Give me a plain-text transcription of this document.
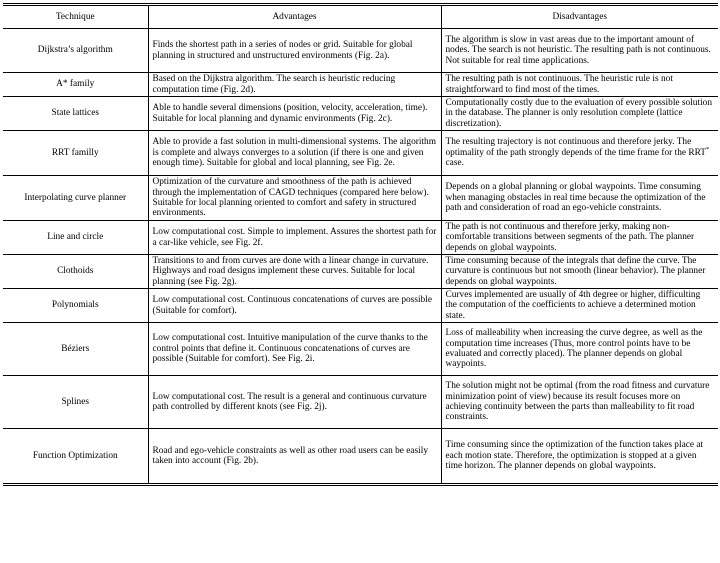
Technique	Advantages	Disadvantages
Dijkstra’s algorithm	Finds the shortest path in a series of nodes or grid. Suitable for global planning in structured and unstructured environments (Fig. 2a).	The algorithm is slow in vast areas due to the important amount of nodes. The search is not heuristic. The resulting path is not continuous. Not suitable for real time applications.
A* family	Based on the Dijkstra algorithm. The search is heuristic reducing computation time (Fig. 2d).	The resulting path is not continuous. The heuristic rule is not straightforward to find most of the times.
State lattices	Able to handle several dimensions (position, velocity, acceleration, time). Suitable for local planning and dynamic environments (Fig. 2c).	Computationally costly due to the evaluation of every possible solution in the database. The planner is only resolution complete (lattice discretization).
RRT familly	Able to provide a fast solution in multi-dimensional systems. The algorithm is complete and always converges to a solution (if there is one and given enough time). Suitable for global and local planning, see Fig. 2e.	The resulting trajectory is not continuous and therefore jerky. The optimality of the path strongly depends of the time frame for the RRT* case.
Interpolating curve planner	Optimization of the curvature and smoothness of the path is achieved through the implementation of CAGD techniques (compared here below). Suitable for local planning oriented to comfort and safety in structured environments.	Depends on a global planning or global waypoints. Time consuming when managing obstacles in real time because the optimization of the path and consideration of road an ego-vehicle constraints.
Line and circle	Low computational cost. Simple to implement. Assures the shortest path for a car-like vehicle, see Fig. 2f.	The path is not continuous and therefore jerky, making non-comfortable transitions between segments of the path. The planner depends on global waypoints.
Clothoids	Transitions to and from curves are done with a linear change in curvature. Highways and road designs implement these curves. Suitable for local planning (see Fig. 2g).	Time consuming because of the integrals that define the curve. The curvature is continuous but not smooth (linear behavior). The planner depends on global waypoints.
Polynomials	Low computational cost. Continuous concatenations of curves are possible (Suitable for comfort).	Curves implemented are usually of 4th degree or higher, difficulting the computation of the coefficients to achieve a determined motion state.
Béziers	Low computational cost. Intuitive manipulation of the curve thanks to the control points that define it. Continuous concatenations of curves are possible (Suitable for comfort). See Fig. 2i.	Loss of malleability when increasing the curve degree, as well as the computation time increases (Thus, more control points have to be evaluated and correctly placed). The planner depends on global waypoints.
Splines	Low computational cost. The result is a general and continuous curvature path controlled by different knots (see Fig. 2j).	The solution might not be optimal (from the road fitness and curvature minimization point of view) because its result focuses more on achieving continuity between the parts than malleability to fit road constraints.
Function Optimization	Road and ego-vehicle constraints as well as other road users can be easily taken into account (Fig. 2b).	Time consuming since the optimization of the function takes place at each motion state. Therefore, the optimization is stopped at a given time horizon. The planner depends on global waypoints.
